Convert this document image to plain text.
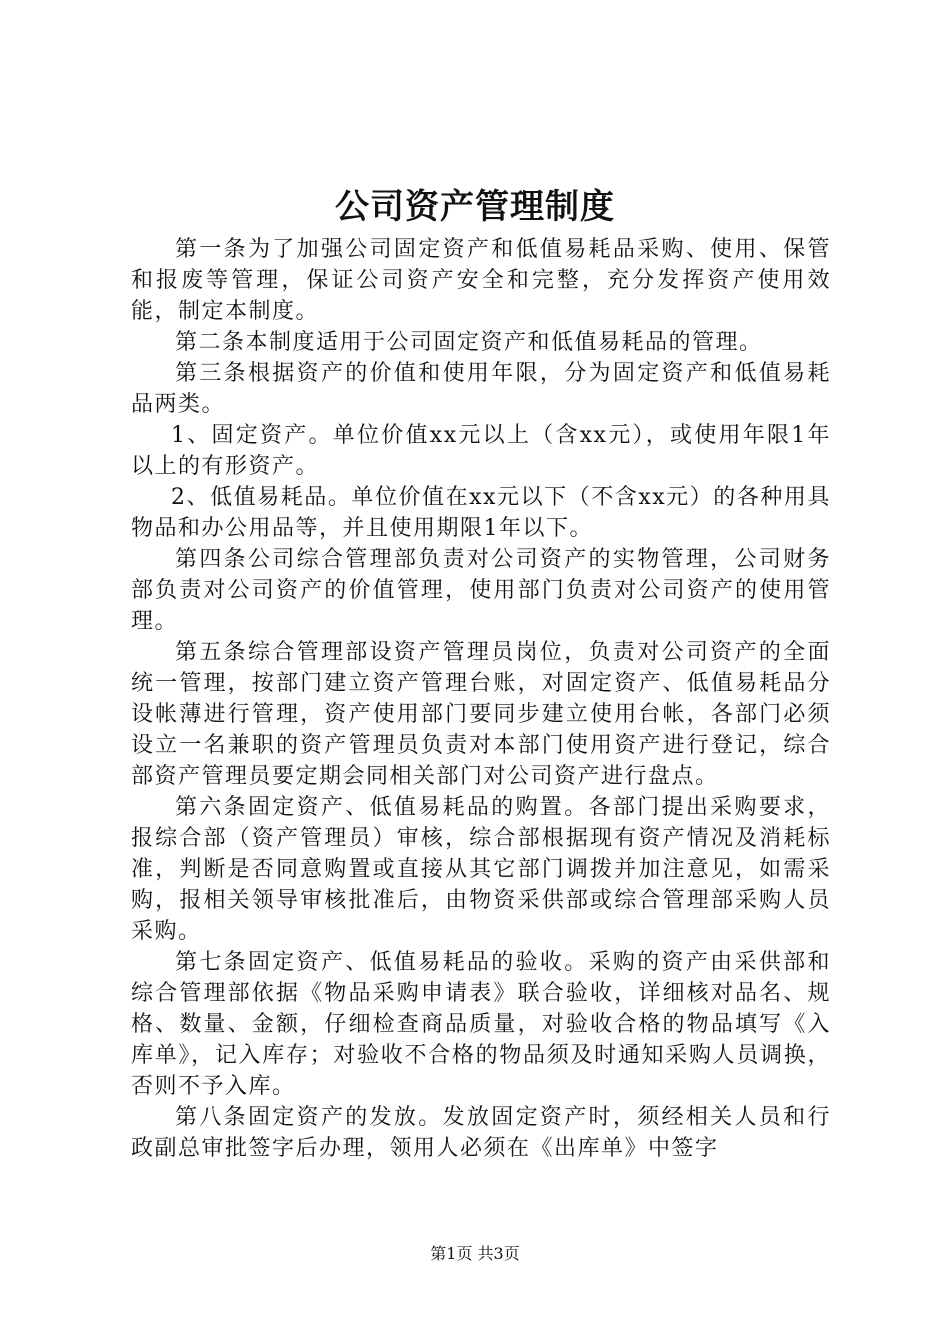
公司资产管理制度

第一条为了加强公司固定资产和低值易耗品采购、使用、保管和报废等管理，保证公司资产安全和完整，充分发挥资产使用效能，制定本制度。

第二条本制度适用于公司固定资产和低值易耗品的管理。

第三条根据资产的价值和使用年限，分为固定资产和低值易耗品两类。

1、固定资产。单位价值xx元以上（含xx元），或使用年限1年以上的有形资产。

2、低值易耗品。单位价值在xx元以下（不含xx元）的各种用具物品和办公用品等，并且使用期限1年以下。

第四条公司综合管理部负责对公司资产的实物管理，公司财务部负责对公司资产的价值管理，使用部门负责对公司资产的使用管理。

第五条综合管理部设资产管理员岗位，负责对公司资产的全面统一管理，按部门建立资产管理台账，对固定资产、低值易耗品分设帐薄进行管理，资产使用部门要同步建立使用台帐，各部门必须设立一名兼职的资产管理员负责对本部门使用资产进行登记，综合部资产管理员要定期会同相关部门对公司资产进行盘点。

第六条固定资产、低值易耗品的购置。各部门提出采购要求，报综合部（资产管理员）审核，综合部根据现有资产情况及消耗标准，判断是否同意购置或直接从其它部门调拨并加注意见，如需采购，报相关领导审核批准后，由物资采供部或综合管理部采购人员采购。

第七条固定资产、低值易耗品的验收。采购的资产由采供部和综合管理部依据《物品采购申请表》联合验收，详细核对品名、规格、数量、金额，仔细检查商品质量，对验收合格的物品填写《入库单》，记入库存；对验收不合格的物品须及时通知采购人员调换，否则不予入库。

第八条固定资产的发放。发放固定资产时，须经相关人员和行政副总审批签字后办理，领用人必须在《出库单》中签字

第1页 共3页
